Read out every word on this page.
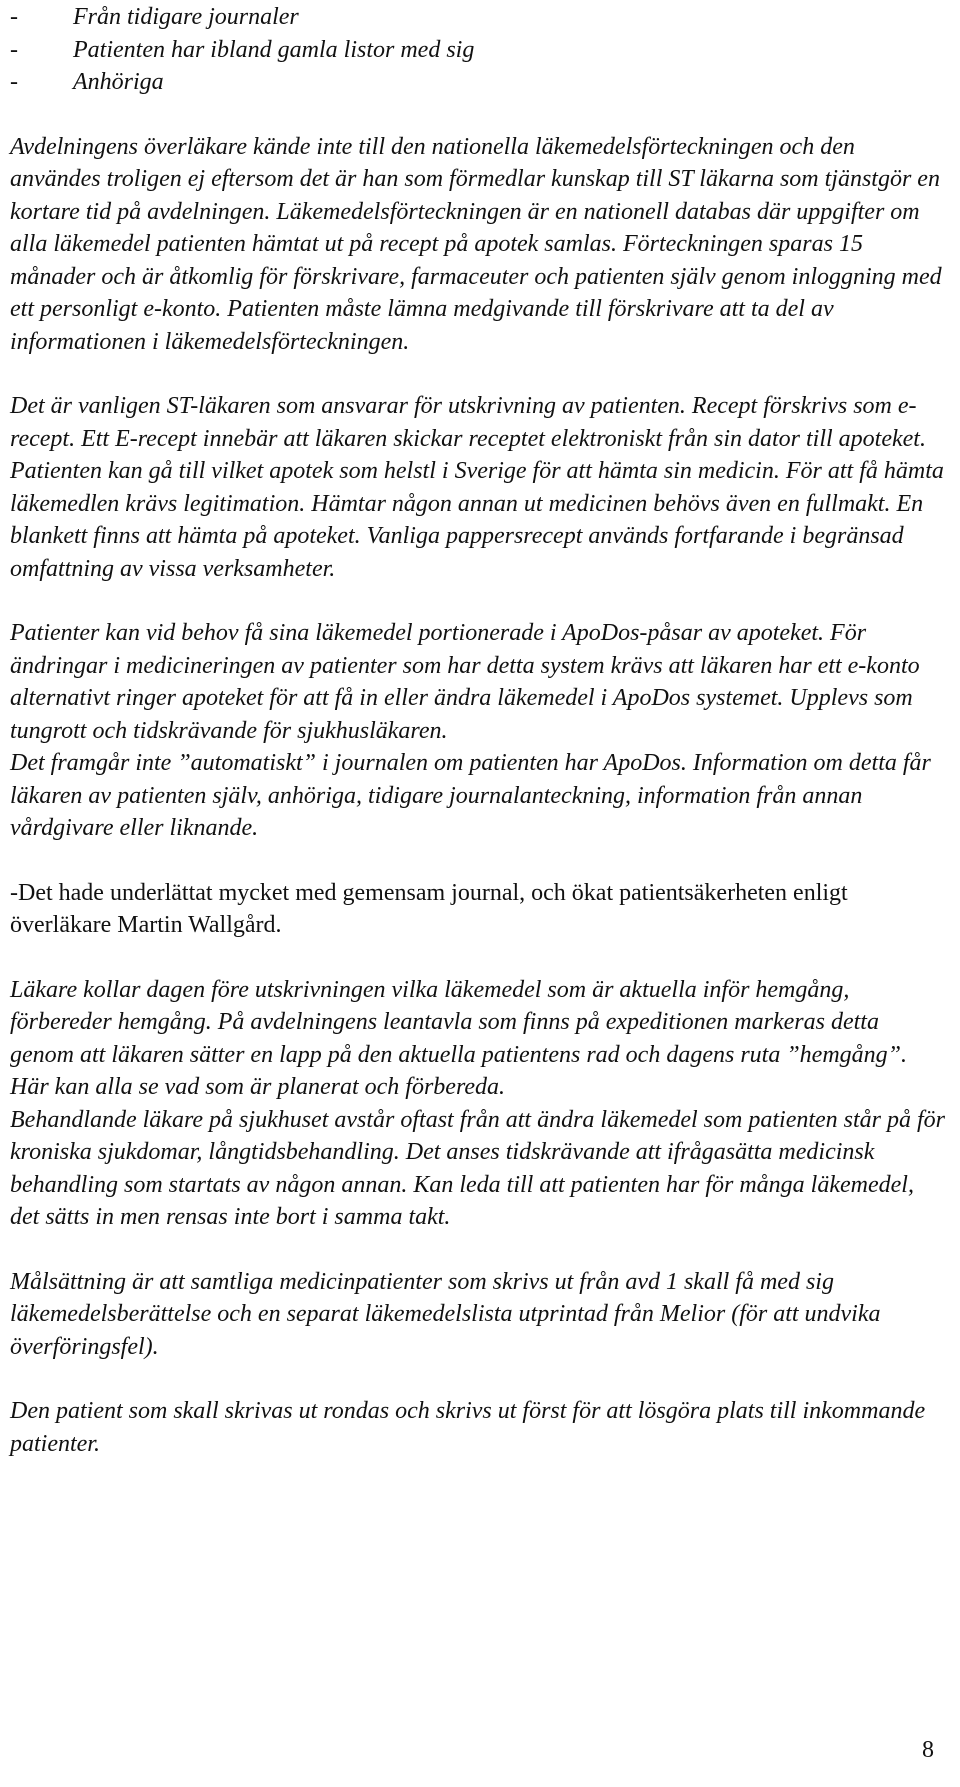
- Från tidigare journaler
- Patienten har ibland gamla listor med sig
- Anhöriga

Avdelningens överläkare kände inte till den nationella läkemedelsförteckningen och den användes troligen ej eftersom det är han som förmedlar kunskap till ST läkarna som tjänstgör en kortare tid på avdelningen. Läkemedelsförteckningen är en nationell databas där uppgifter om alla läkemedel patienten hämtat ut på recept på apotek samlas. Förteckningen sparas 15 månader och är åtkomlig för förskrivare, farmaceuter och patienten själv genom inloggning med ett personligt e-konto. Patienten måste lämna medgivande till förskrivare att ta del av informationen i läkemedelsförteckningen.

Det är vanligen ST-läkaren som ansvarar för utskrivning av patienten. Recept förskrivs som e-recept. Ett E-recept innebär att läkaren skickar receptet elektroniskt från sin dator till apoteket. Patienten kan gå till vilket apotek som helstl i Sverige för att hämta sin medicin. För att få hämta läkemedlen krävs legitimation. Hämtar någon annan ut medicinen behövs även en fullmakt. En blankett finns att hämta på apoteket. Vanliga pappersrecept används fortfarande i begränsad omfattning av vissa verksamheter.

Patienter kan vid behov få sina läkemedel portionerade i ApoDos-påsar av apoteket. För ändringar i medicineringen av patienter som har detta system krävs att läkaren har ett e-konto alternativt ringer apoteket för att få in eller ändra läkemedel i ApoDos systemet. Upplevs som tungrott och tidskrävande för sjukhusläkaren.

Det framgår inte ”automatiskt” i journalen om patienten har ApoDos. Information om detta får läkaren av patienten själv, anhöriga, tidigare journalanteckning, information från annan vårdgivare eller liknande.

-Det hade underlättat mycket med gemensam journal, och ökat patientsäkerheten enligt överläkare Martin Wallgård.

Läkare kollar dagen före utskrivningen vilka läkemedel som är aktuella inför hemgång, förbereder hemgång. På avdelningens leantavla som finns på expeditionen markeras detta genom att läkaren sätter en lapp på den aktuella patientens rad och dagens ruta ”hemgång”. Här kan alla se vad som är planerat och förbereda.

Behandlande läkare på sjukhuset avstår oftast från att ändra läkemedel som patienten står på för kroniska sjukdomar, långtidsbehandling. Det anses tidskrävande att ifrågasätta medicinsk behandling som startats av någon annan. Kan leda till att patienten har för många läkemedel, det sätts in men rensas inte bort i samma takt.

Målsättning är att samtliga medicinpatienter som skrivs ut från avd 1 skall få med sig läkemedelsberättelse och en separat läkemedelslista utprintad från Melior (för att undvika överföringsfel).

Den patient som skall skrivas ut rondas och skrivs ut först för att lösgöra plats till inkommande patienter.

8
